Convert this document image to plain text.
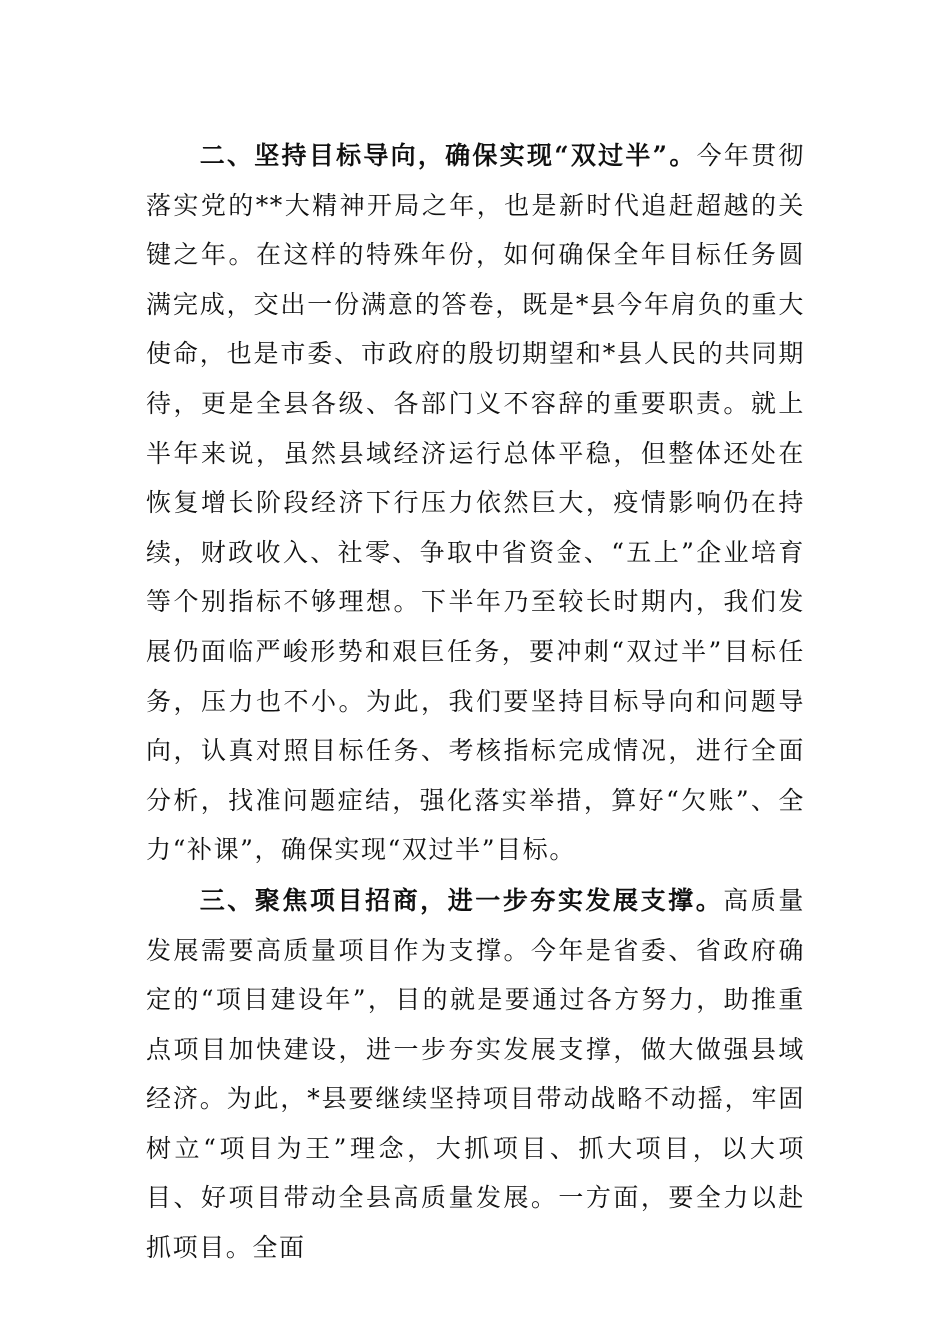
二、坚持目标导向，确保实现“双过半”。今年贯彻落实党的**大精神开局之年，也是新时代追赶超越的关键之年。在这样的特殊年份，如何确保全年目标任务圆满完成，交出一份满意的答卷，既是*县今年肩负的重大使命，也是市委、市政府的殷切期望和*县人民的共同期待，更是全县各级、各部门义不容辞的重要职责。就上半年来说，虽然县域经济运行总体平稳，但整体还处在恢复增长阶段经济下行压力依然巨大，疫情影响仍在持续，财政收入、社零、争取中省资金、“五上”企业培育等个别指标不够理想。下半年乃至较长时期内，我们发展仍面临严峻形势和艰巨任务，要冲刺“双过半”目标任务，压力也不小。为此，我们要坚持目标导向和问题导向，认真对照目标任务、考核指标完成情况，进行全面分析，找准问题症结，强化落实举措，算好“欠账”、全力“补课”，确保实现“双过半”目标。

三、聚焦项目招商，进一步夯实发展支撑。高质量发展需要高质量项目作为支撑。今年是省委、省政府确定的“项目建设年”，目的就是要通过各方努力，助推重点项目加快建设，进一步夯实发展支撑，做大做强县域经济。为此，*县要继续坚持项目带动战略不动摇，牢固树立“项目为王”理念，大抓项目、抓大项目，以大项目、好项目带动全县高质量发展。一方面，要全力以赴抓项目。全面
